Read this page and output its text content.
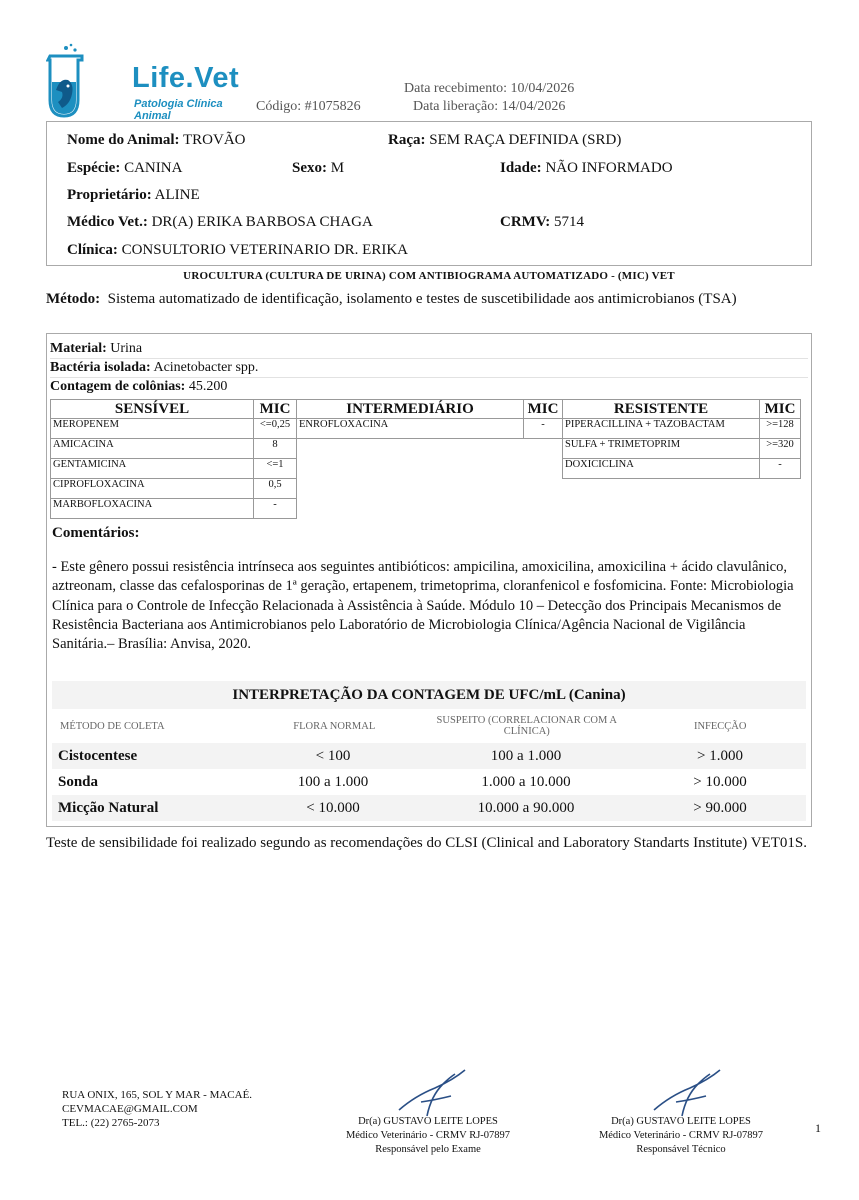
Life.Vet
Patologia Clínica Animal
Código: #1075826
Data recebimento: 10/04/2026
Data liberação: 14/04/2026
Nome do Animal: TROVÃO	Raça: SEM RAÇA DEFINIDA (SRD)
Espécie: CANINA	Sexo: M	Idade: NÃO INFORMADO
Proprietário: ALINE
Médico Vet.: DR(A) ERIKA BARBOSA CHAGA	CRMV: 5714
Clínica: CONSULTORIO VETERINARIO DR. ERIKA
UROCULTURA (CULTURA DE URINA) COM ANTIBIOGRAMA AUTOMATIZADO - (MIC) VET
Método: Sistema automatizado de identificação, isolamento e testes de suscetibilidade aos antimicrobianos (TSA)
Material: Urina
Bactéria isolada: Acinetobacter spp.
Contagem de colônias: 45.200
SENSÍVEL	MIC	INTERMEDIÁRIO	MIC	RESISTENTE	MIC
MEROPENEM	<=0,25	ENROFLOXACINA	-	PIPERACILLINA + TAZOBACTAM	>=128
AMICACINA	8			SULFA + TRIMETOPRIM	>=320
GENTAMICINA	<=1			DOXICICLINA	-
CIPROFLOXACINA	0,5				
MARBOFLOXACINA	-				
Comentários:
- Este gênero possui resistência intrínseca aos seguintes antibióticos: ampicilina, amoxicilina, amoxicilina + ácido clavulânico, aztreonam, classe das cefalosporinas de 1ª geração, ertapenem, trimetoprima, cloranfenicol e fosfomicina. Fonte: Microbiologia Clínica para o Controle de Infecção Relacionada à Assistência à Saúde. Módulo 10 – Detecção dos Principais Mecanismos de Resistência Bacteriana aos Antimicrobianos pelo Laboratório de Microbiologia Clínica/Agência Nacional de Vigilância Sanitária.– Brasília: Anvisa, 2020.
INTERPRETAÇÃO DA CONTAGEM DE UFC/mL (Canina)
MÉTODO DE COLETA	FLORA NORMAL	SUSPEITO (CORRELACIONAR COM A CLÍNICA)	INFECÇÃO
Cistocentese	< 100	100 a 1.000	> 1.000
Sonda	100 a 1.000	1.000 a 10.000	> 10.000
Micção Natural	< 10.000	10.000 a 90.000	> 90.000
Teste de sensibilidade foi realizado segundo as recomendações do CLSI (Clinical and Laboratory Standarts Institute) VET01S.
RUA ONIX, 165, SOL Y MAR - MACAÉ.
CEVMACAE@GMAIL.COM
TEL.: (22) 2765-2073	Dr(a) GUSTAVO LEITE LOPES
Médico Veterinário - CRMV RJ-07897
Responsável pelo Exame
Dr(a) GUSTAVO LEITE LOPES
Médico Veterinário - CRMV RJ-07897
Responsável Técnico
1
